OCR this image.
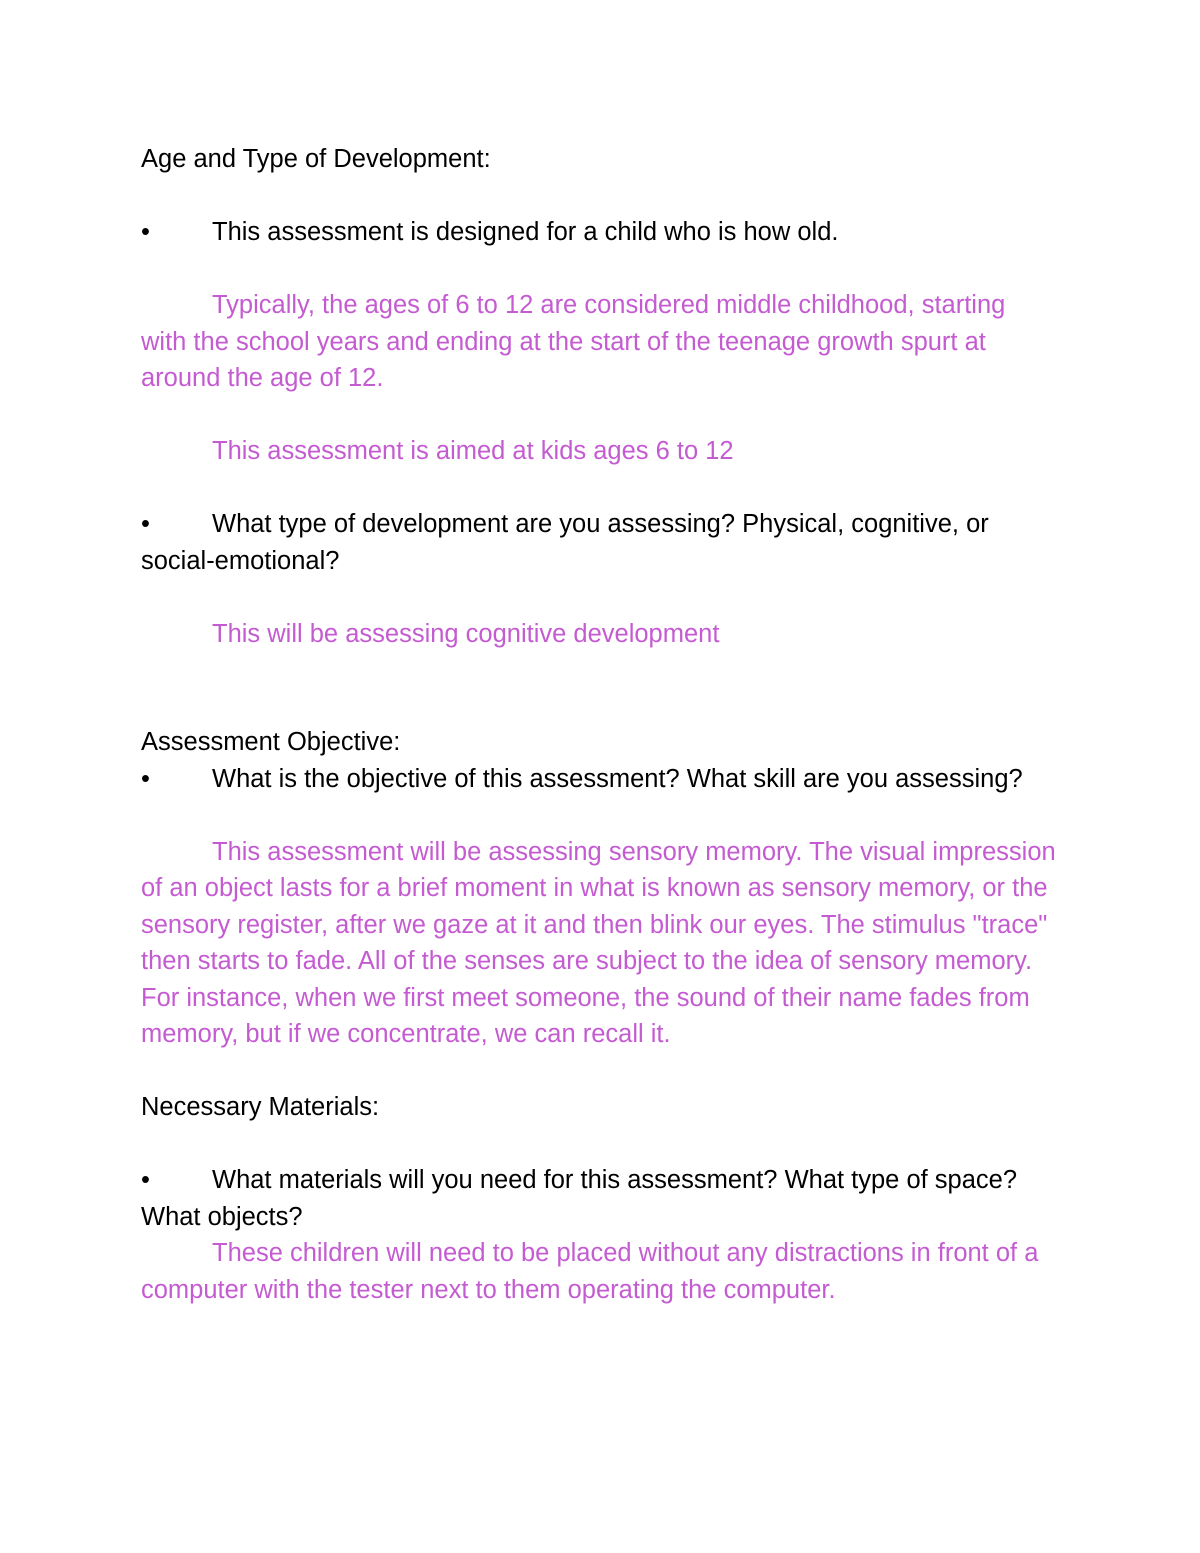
Age and Type of Development:

• This assessment is designed for a child who is how old.

Typically, the ages of 6 to 12 are considered middle childhood, starting with the school years and ending at the start of the teenage growth spurt at around the age of 12.

This assessment is aimed at kids ages 6 to 12

• What type of development are you assessing? Physical, cognitive, or social-emotional?

This will be assessing cognitive development

Assessment Objective:

• What is the objective of this assessment? What skill are you assessing?

This assessment will be assessing sensory memory. The visual impression of an object lasts for a brief moment in what is known as sensory memory, or the sensory register, after we gaze at it and then blink our eyes. The stimulus "trace" then starts to fade. All of the senses are subject to the idea of sensory memory. For instance, when we first meet someone, the sound of their name fades from memory, but if we concentrate, we can recall it.

Necessary Materials:

• What materials will you need for this assessment? What type of space? What objects?

These children will need to be placed without any distractions in front of a computer with the tester next to them operating the computer.
